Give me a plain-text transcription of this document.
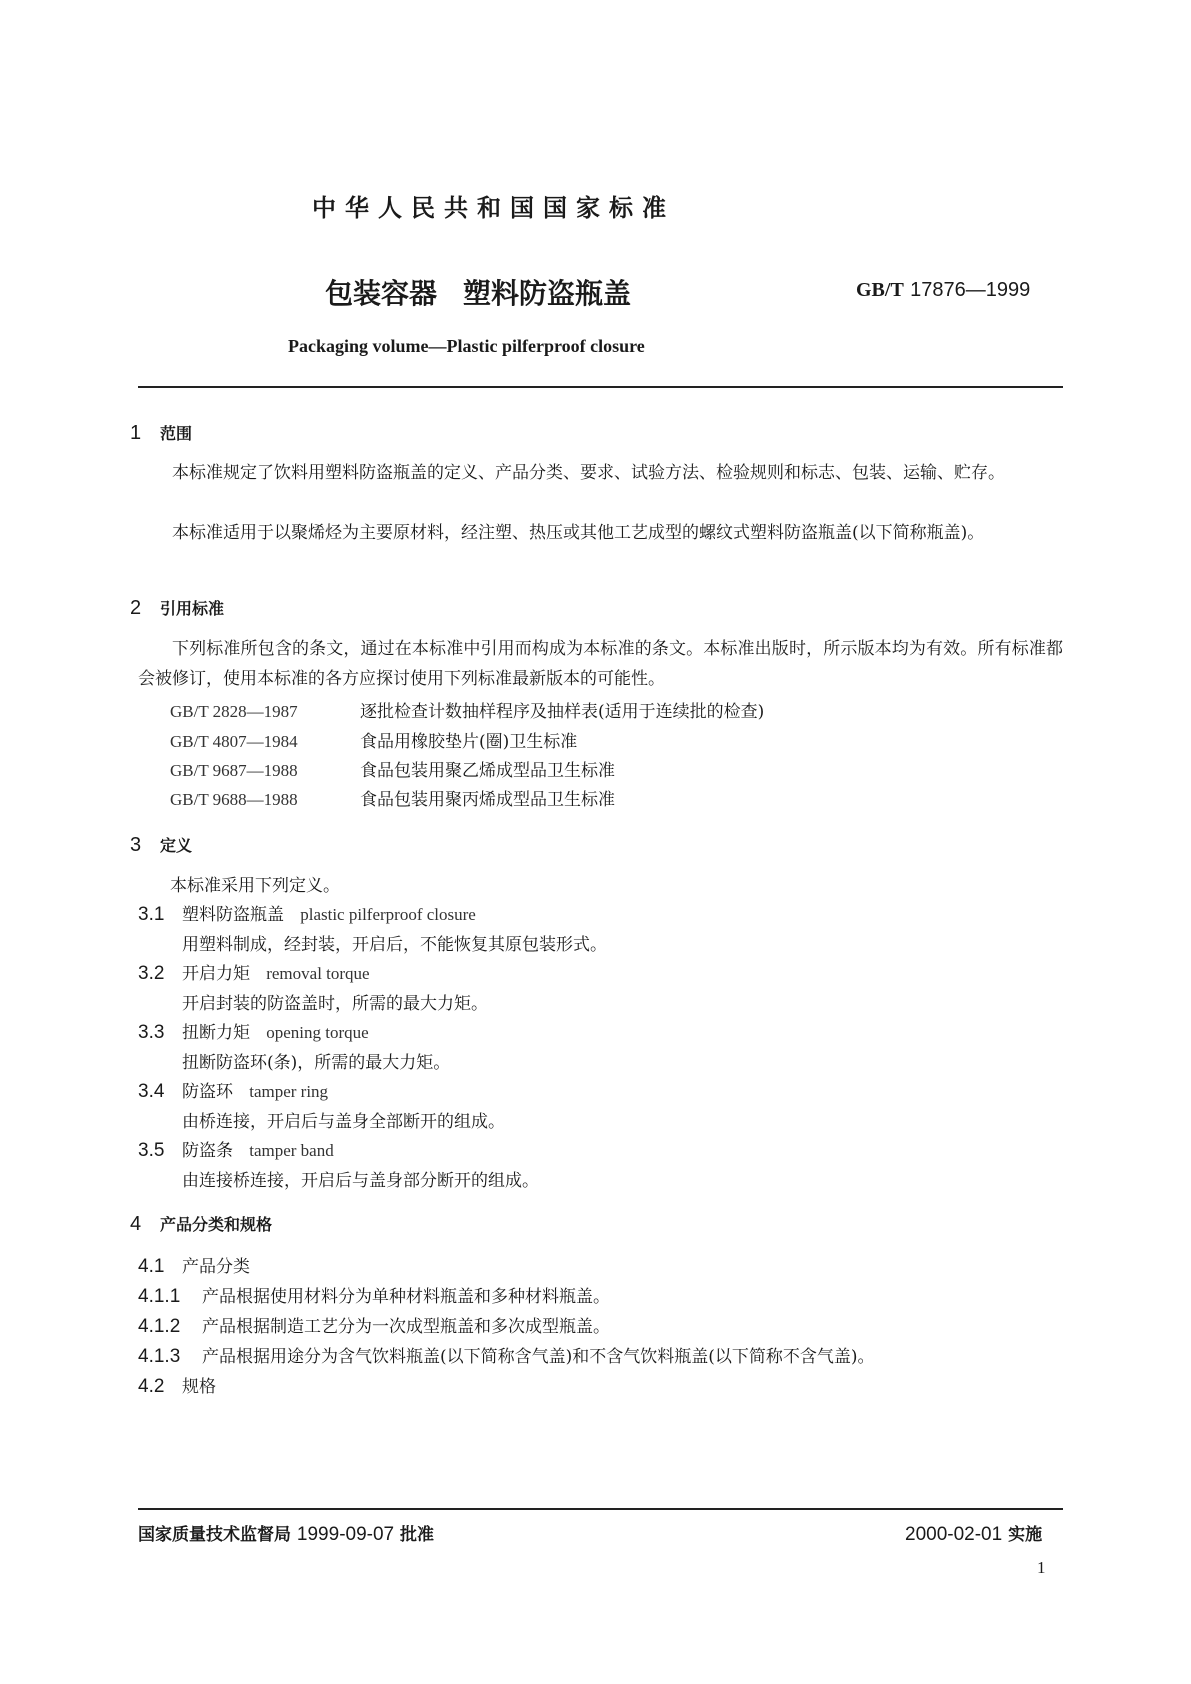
中华人民共和国国家标准
包装容器 塑料防盗瓶盖	GB/T 17876—1999
Packaging volume—Plastic pilferproof closure
1 范围
本标准规定了饮料用塑料防盗瓶盖的定义、产品分类、要求、试验方法、检验规则和标志、包装、运输、贮存。
本标准适用于以聚烯烃为主要原材料，经注塑、热压或其他工艺成型的螺纹式塑料防盗瓶盖(以下简称瓶盖)。
2 引用标准
下列标准所包含的条文，通过在本标准中引用而构成为本标准的条文。本标准出版时，所示版本均为有效。所有标准都会被修订，使用本标准的各方应探讨使用下列标准最新版本的可能性。
GB/T 2828—1987	逐批检查计数抽样程序及抽样表(适用于连续批的检查)
GB/T 4807—1984	食品用橡胶垫片(圈)卫生标准
GB/T 9687—1988	食品包装用聚乙烯成型品卫生标准
GB/T 9688—1988	食品包装用聚丙烯成型品卫生标准
3 定义
本标准采用下列定义。
3.1 塑料防盗瓶盖 plastic pilferproof closure
用塑料制成，经封装，开启后，不能恢复其原包装形式。
3.2 开启力矩 removal torque
开启封装的防盗盖时，所需的最大力矩。
3.3 扭断力矩 opening torque
扭断防盗环(条)，所需的最大力矩。
3.4 防盗环 tamper ring
由桥连接，开启后与盖身全部断开的组成。
3.5 防盗条 tamper band
由连接桥连接，开启后与盖身部分断开的组成。
4 产品分类和规格
4.1 产品分类
4.1.1 产品根据使用材料分为单种材料瓶盖和多种材料瓶盖。
4.1.2 产品根据制造工艺分为一次成型瓶盖和多次成型瓶盖。
4.1.3 产品根据用途分为含气饮料瓶盖(以下简称含气盖)和不含气饮料瓶盖(以下简称不含气盖)。
4.2 规格
国家质量技术监督局 1999-09-07 批准	2000-02-01 实施
1
